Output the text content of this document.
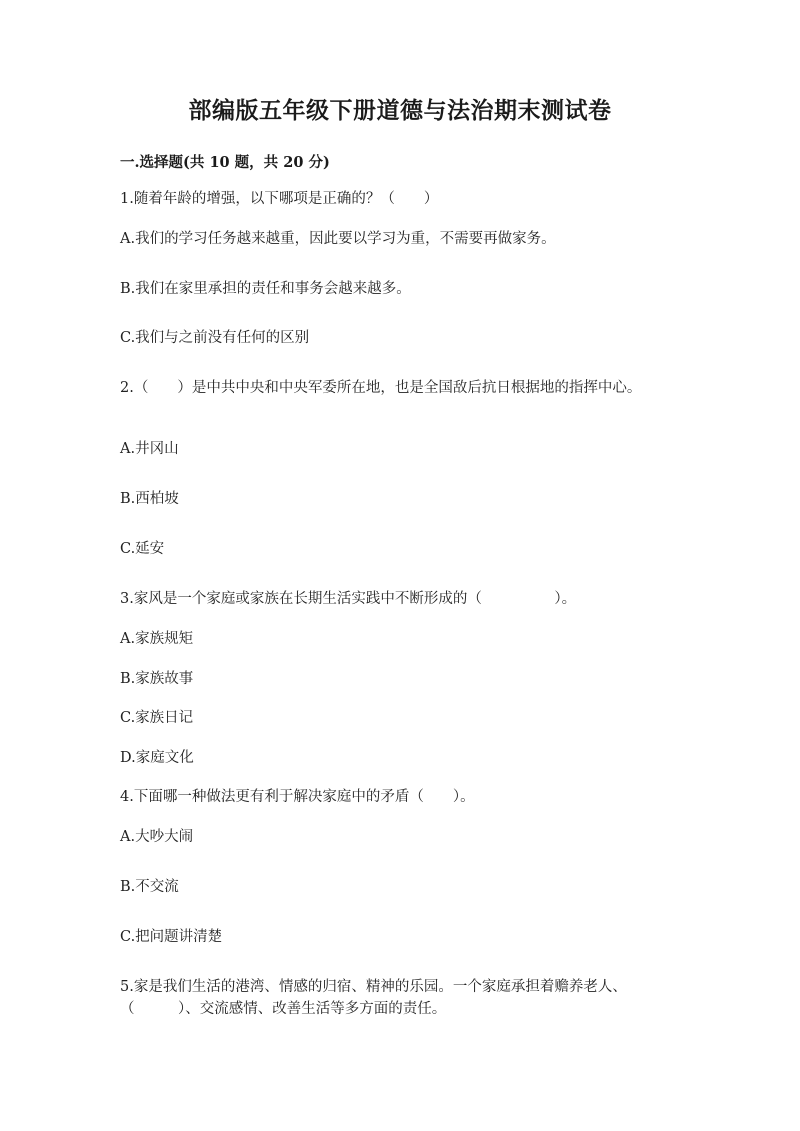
部编版五年级下册道德与法治期末测试卷
一.选择题(共 10 题，共 20 分)
1.随着年龄的增强，以下哪项是正确的？（　　）
A.我们的学习任务越来越重，因此要以学习为重，不需要再做家务。
B.我们在家里承担的责任和事务会越来越多。
C.我们与之前没有任何的区别
2.（　　）是中共中央和中央军委所在地，也是全国敌后抗日根据地的指挥中心。
A.井冈山
B.西柏坡
C.延安
3.家风是一个家庭或家族在长期生活实践中不断形成的（　　　　　）。
A.家族规矩
B.家族故事
C.家族日记
D.家庭文化
4.下面哪一种做法更有利于解决家庭中的矛盾（　　）。
A.大吵大闹
B.不交流
C.把问题讲清楚
5.家是我们生活的港湾、情感的归宿、精神的乐园。一个家庭承担着赡养老人、（　　　）、交流感情、改善生活等多方面的责任。
